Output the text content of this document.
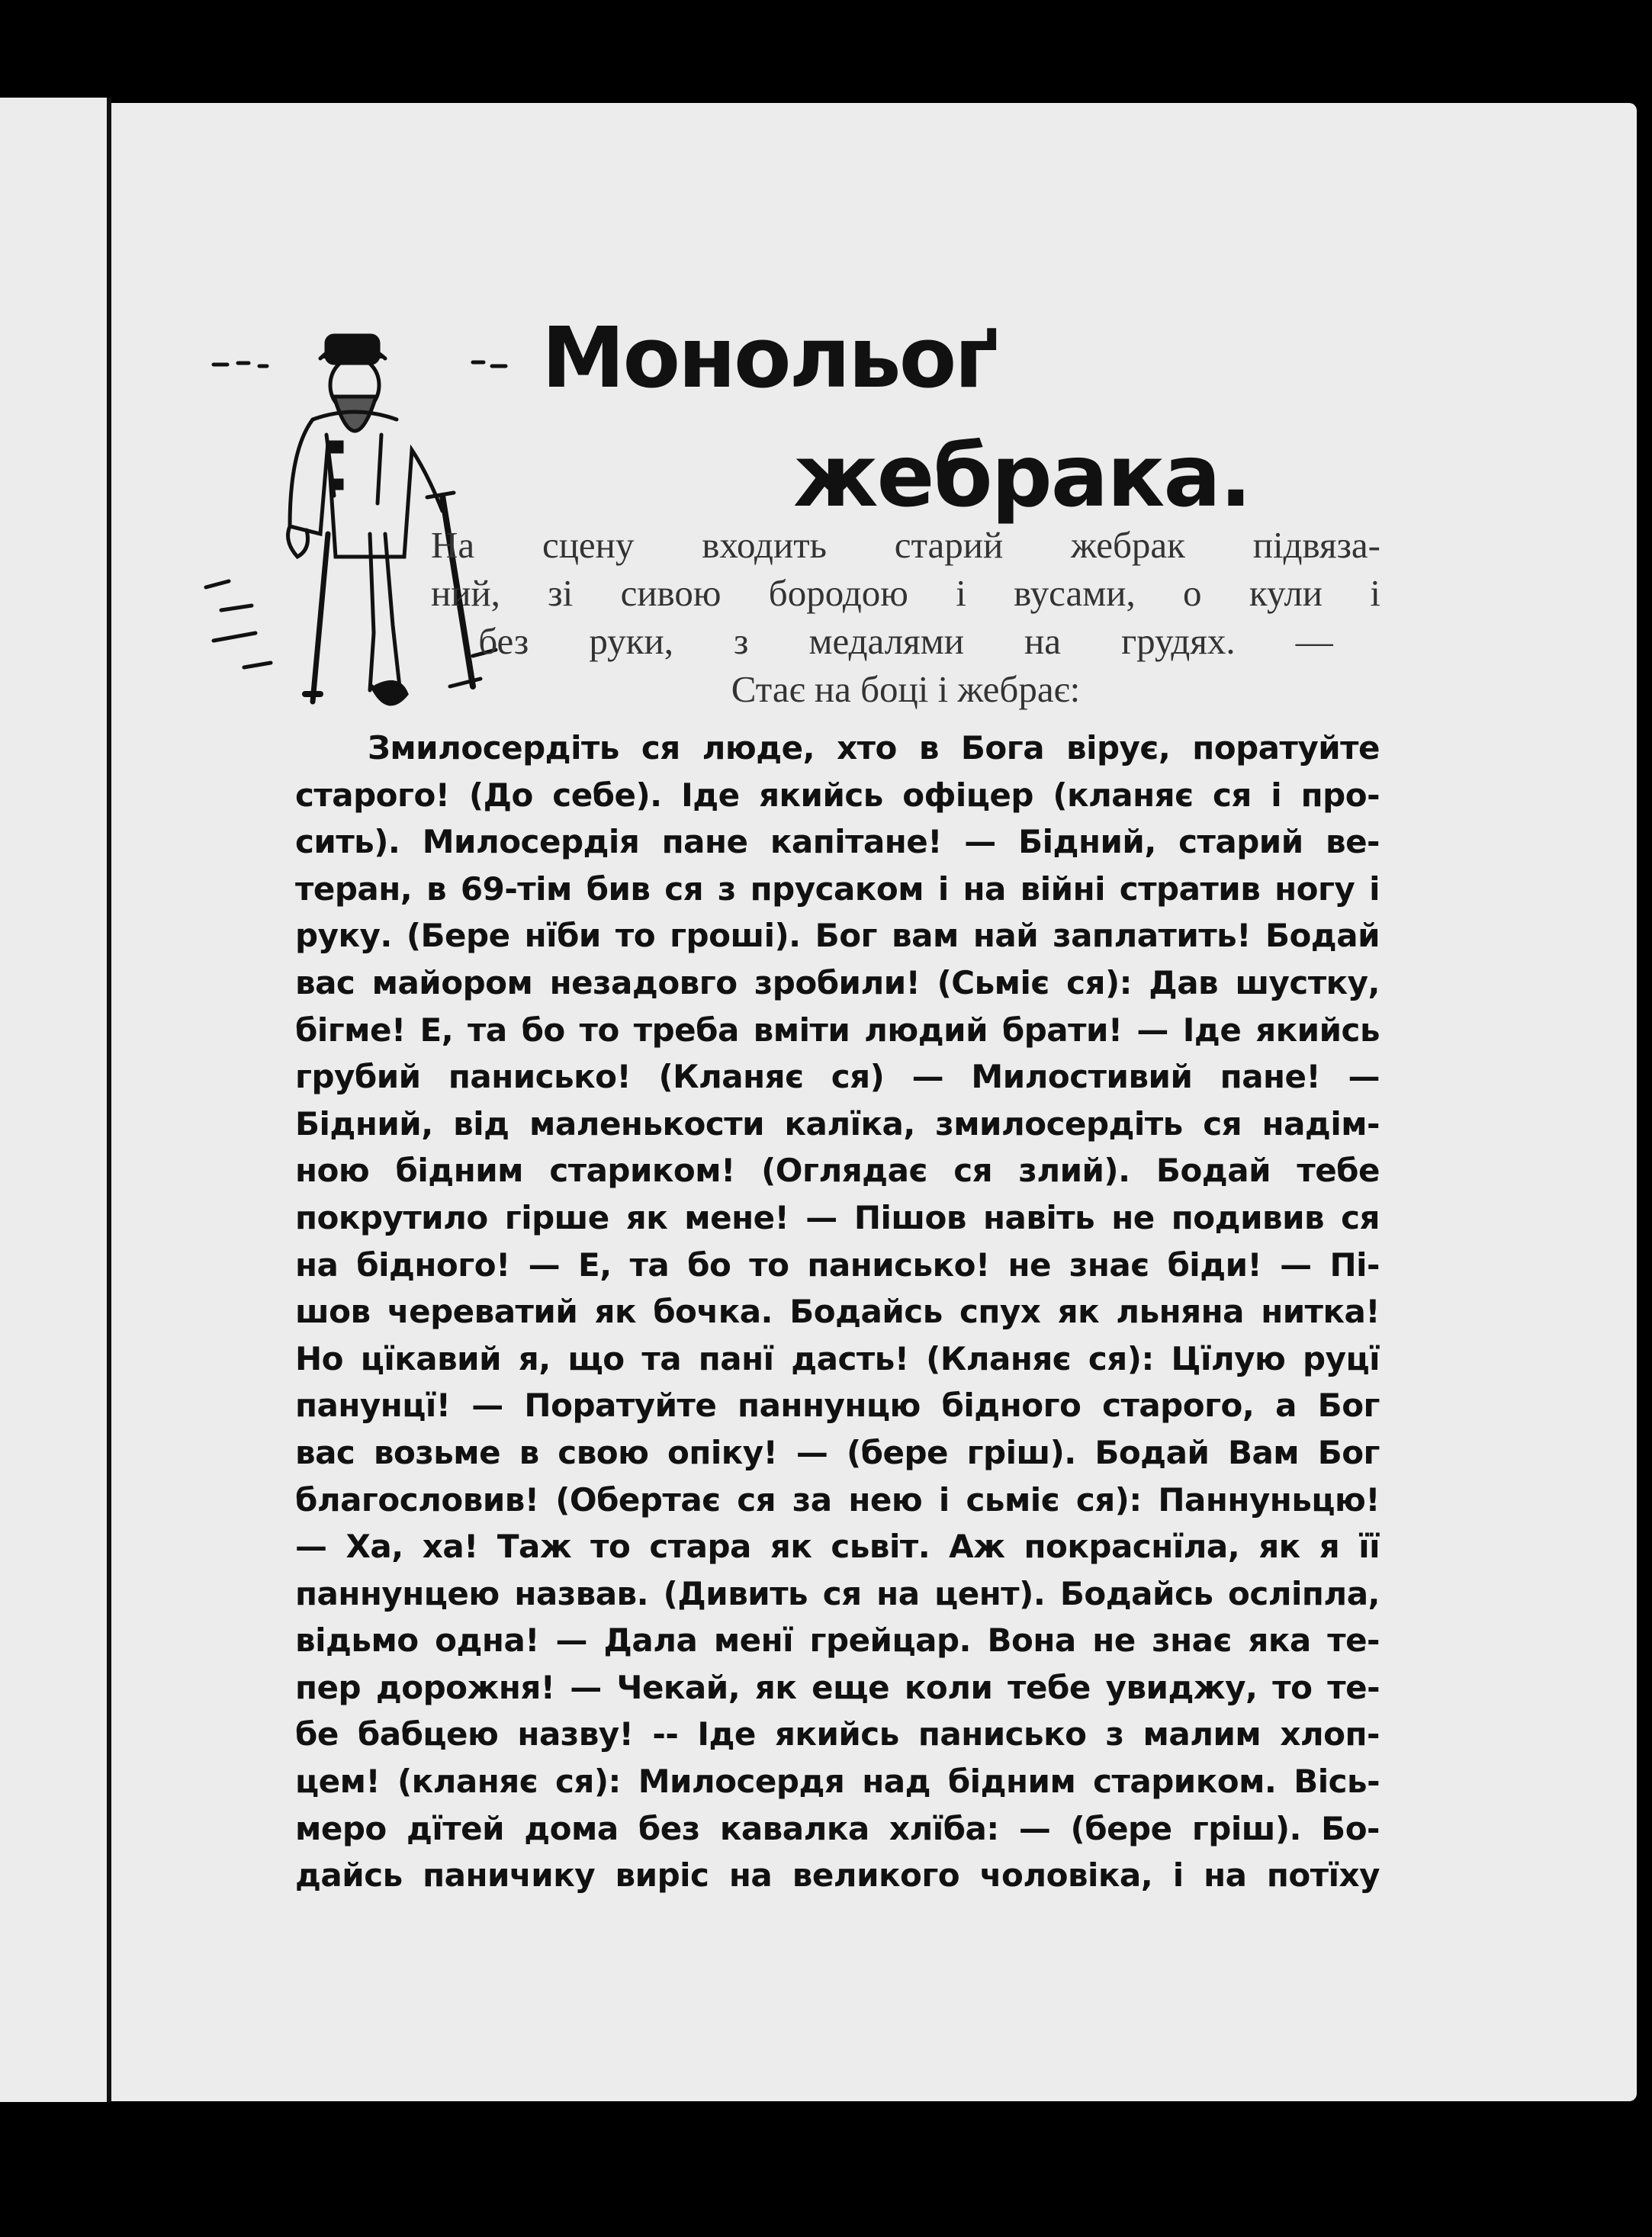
Монольоґ
жебрака.
На сцену входить старий жебрак підвяза-
ний, зі сивою бородою і вусами, о кули і
без руки, з медалями на грудях. —
Стає на боці і жебрає:
Змилосердіть ся люде, хто в Бога вірує, поратуйте
старого! (До себе). Іде якийсь офіцер (кланяє ся і про-
сить). Милосердія пане капітане! — Бідний, старий ве-
теран, в 69-тім бив ся з прусаком і на війні стратив ногу і
руку. (Бере нїби то гроші). Бог вам най заплатить! Бодай
вас майором незадовго зробили! (Сьміє ся): Дав шустку,
бігме! Е, та бо то треба вміти людий брати! — Іде якийсь
грубий панисько! (Кланяє ся) — Милостивий пане! —
Бідний, від маленькости калїка, змилосердіть ся надім-
ною бідним стариком! (Оглядає ся злий). Бодай тебе
покрутило гірше як мене! — Пішов навіть не подивив ся
на бідного! — Е, та бо то панисько! не знає біди! — Пі-
шов череватий як бочка. Бодайсь спух як льняна нитка!
Но цїкавий я, що та панї дасть! (Кланяє ся): Цїлую руцї
панунцї! — Поратуйте паннунцю бідного старого, а Бог
вас возьме в свою опіку! — (бере гріш). Бодай Вам Бог
благословив! (Обертає ся за нею і сьміє ся): Паннуньцю!
— Ха, ха! Таж то стара як сьвіт. Аж покраснїла, як я її
паннунцею назвав. (Дивить ся на цент). Бодайсь осліпла,
відьмо одна! — Дала менї грейцар. Вона не знає яка те-
пер дорожня! — Чекай, як еще коли тебе увиджу, то те-
бе бабцею назву! -- Іде якийсь панисько з малим хлоп-
цем! (кланяє ся): Милосердя над бідним стариком. Вісь-
меро дїтей дома без кавалка хлїба: — (бере гріш). Бо-
дайсь паничику виріс на великого чоловіка, і на потїху
